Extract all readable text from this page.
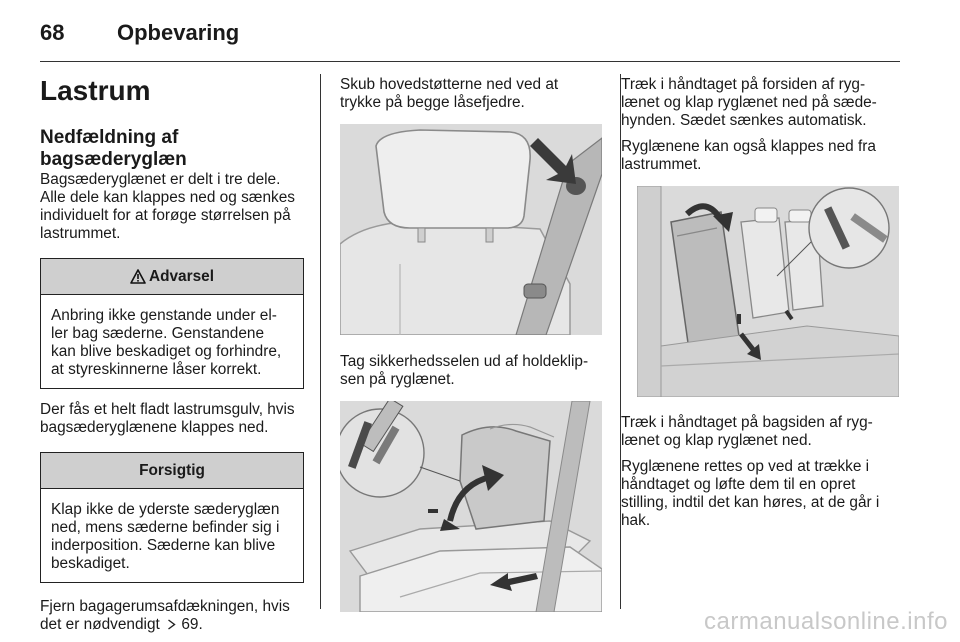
68 Opbevaring
Lastrum
Nedfældning af bagsæderyglæn

Bagsæderyglænet er delt i tre dele. Alle dele kan klappes ned og sænkes individuelt for at forøge størrelsen på lastrummet.

Advarsel
Anbring ikke genstande under el-ler bag sæderne. Genstandene kan blive beskadiget og forhindre, at styreskinnerne låser korrekt.

Der fås et helt fladt lastrumsgulv, hvis bagsæderyglænene klappes ned.

Forsigtig
Klap ikke de yderste sæderyglæn ned, mens sæderne befinder sig i inderposition. Sæderne kan blive beskadiget.

Fjern bagagerumsafdækningen, hvis det er nødvendigt 69.

Skub hovedstøtterne ned ved at trykke på begge låsefjedre.

Tag sikkerhedsselen ud af holdeklip-sen på ryglænet.

Træk i håndtaget på forsiden af ryg-lænet og klap ryglænet ned på sæde-hynden. Sædet sænkes automatisk.

Ryglænene kan også klappes ned fra lastrummet.

Træk i håndtaget på bagsiden af ryg-lænet og klap ryglænet ned.

Ryglænene rettes op ved at trække i håndtaget og løfte dem til en opret stilling, indtil det kan høres, at de går i hak.

carmanualsonline.info
